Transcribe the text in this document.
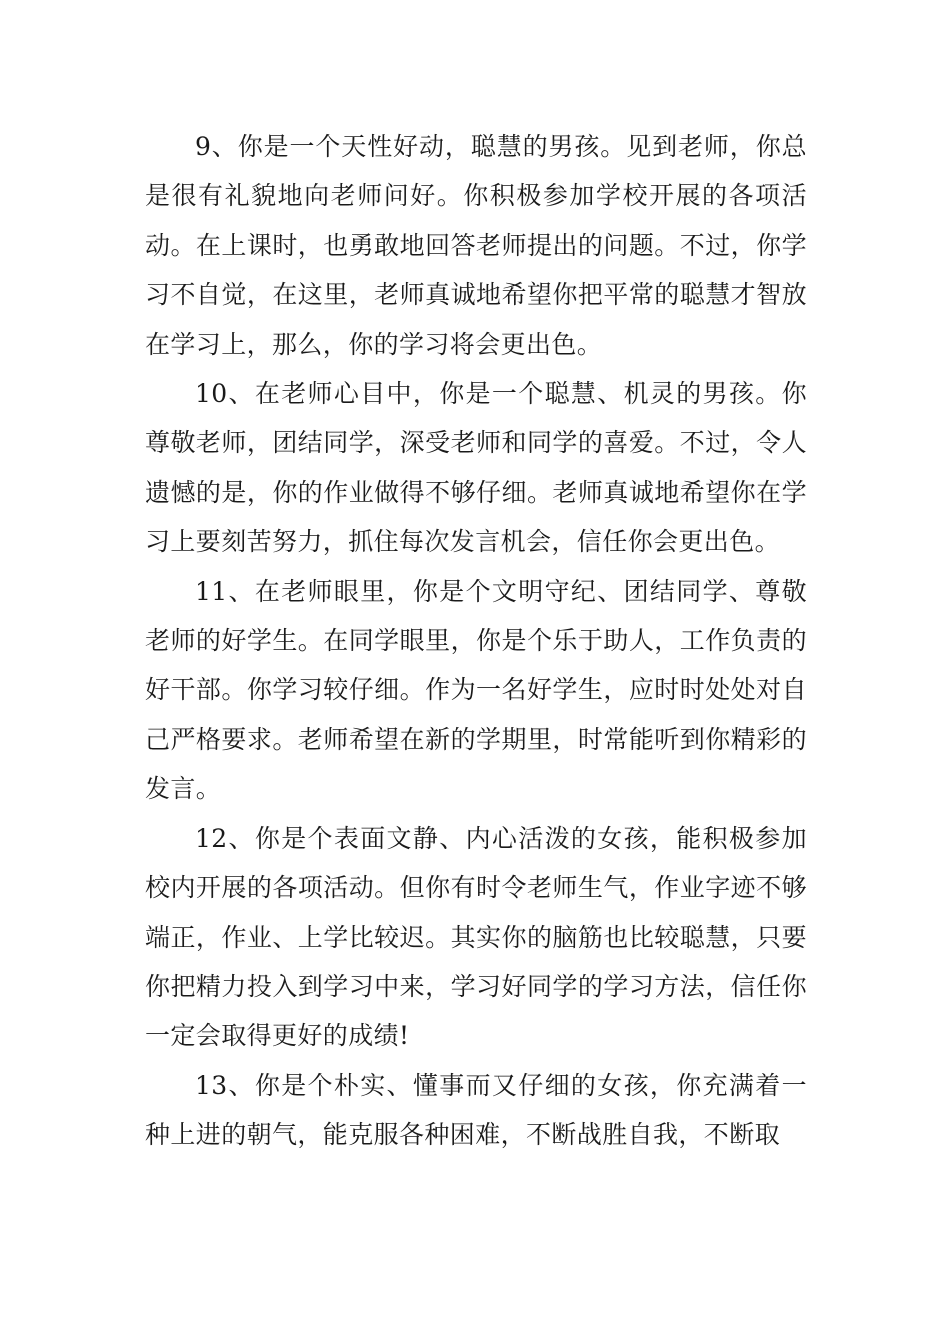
9、你是一个天性好动，聪慧的男孩。见到老师，你总是很有礼貌地向老师问好。你积极参加学校开展的各项活动。在上课时，也勇敢地回答老师提出的问题。不过，你学习不自觉，在这里，老师真诚地希望你把平常的聪慧才智放在学习上，那么，你的学习将会更出色。

10、在老师心目中，你是一个聪慧、机灵的男孩。你尊敬老师，团结同学，深受老师和同学的喜爱。不过，令人遗憾的是，你的作业做得不够仔细。老师真诚地希望你在学习上要刻苦努力，抓住每次发言机会，信任你会更出色。

11、在老师眼里，你是个文明守纪、团结同学、尊敬老师的好学生。在同学眼里，你是个乐于助人，工作负责的好干部。你学习较仔细。作为一名好学生，应时时处处对自己严格要求。老师希望在新的学期里，时常能听到你精彩的发言。

12、你是个表面文静、内心活泼的女孩，能积极参加校内开展的各项活动。但你有时令老师生气，作业字迹不够端正，作业、上学比较迟。其实你的脑筋也比较聪慧，只要你把精力投入到学习中来，学习好同学的学习方法，信任你一定会取得更好的成绩!

13、你是个朴实、懂事而又仔细的女孩，你充满着一种上进的朝气，能克服各种困难，不断战胜自我，不断取
